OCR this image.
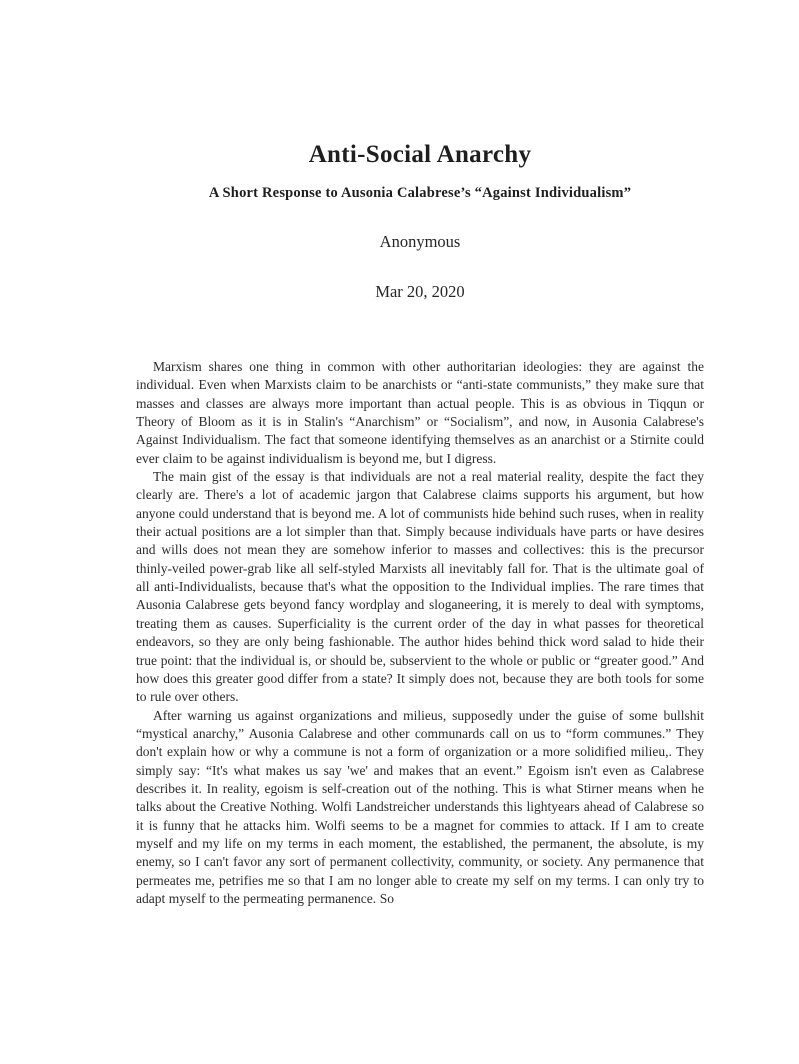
Anti-Social Anarchy
A Short Response to Ausonia Calabrese’s “Against Individualism”
Anonymous
Mar 20, 2020

Marxism shares one thing in common with other authoritarian ideologies: they are against the individual. Even when Marxists claim to be anarchists or “anti-state communists,” they make sure that masses and classes are always more important than actual people. This is as obvious in Tiqqun or Theory of Bloom as it is in Stalin's “Anarchism” or “Socialism”, and now, in Ausonia Calabrese's Against Individualism. The fact that someone identifying themselves as an anarchist or a Stirnite could ever claim to be against individualism is beyond me, but I digress.

The main gist of the essay is that individuals are not a real material reality, despite the fact they clearly are. There's a lot of academic jargon that Calabrese claims supports his argument, but how anyone could understand that is beyond me. A lot of communists hide behind such ruses, when in reality their actual positions are a lot simpler than that. Simply because individuals have parts or have desires and wills does not mean they are somehow inferior to masses and collectives: this is the precursor thinly-veiled power-grab like all self-styled Marxists all inevitably fall for. That is the ultimate goal of all anti-Individualists, because that's what the opposition to the Individual implies. The rare times that Ausonia Calabrese gets beyond fancy wordplay and sloganeering, it is merely to deal with symptoms, treating them as causes. Superficiality is the current order of the day in what passes for theoretical endeavors, so they are only being fashionable. The author hides behind thick word salad to hide their true point: that the individual is, or should be, subservient to the whole or public or “greater good.” And how does this greater good differ from a state? It simply does not, because they are both tools for some to rule over others.

After warning us against organizations and milieus, supposedly under the guise of some bullshit “mystical anarchy,” Ausonia Calabrese and other communards call on us to “form communes.” They don't explain how or why a commune is not a form of organization or a more solidified milieu,. They simply say: “It's what makes us say 'we' and makes that an event.” Egoism isn't even as Calabrese describes it. In reality, egoism is self-creation out of the nothing. This is what Stirner means when he talks about the Creative Nothing. Wolfi Landstreicher understands this lightyears ahead of Calabrese so it is funny that he attacks him. Wolfi seems to be a magnet for commies to attack. If I am to create myself and my life on my terms in each moment, the established, the permanent, the absolute, is my enemy, so I can't favor any sort of permanent collectivity, community, or society. Any permanence that permeates me, petrifies me so that I am no longer able to create my self on my terms. I can only try to adapt myself to the permeating permanence. So
